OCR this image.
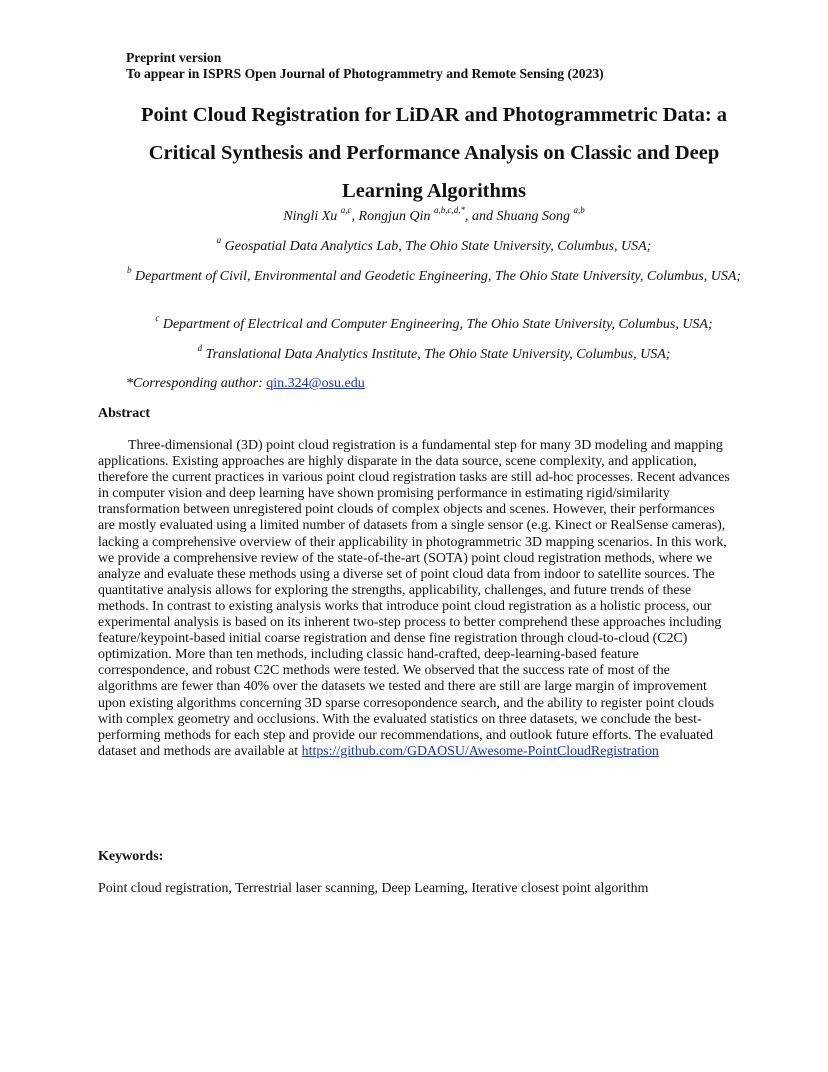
Preprint version
To appear in ISPRS Open Journal of Photogrammetry and Remote Sensing (2023)
Point Cloud Registration for LiDAR and Photogrammetric Data: a
Critical Synthesis and Performance Analysis on Classic and Deep
Learning Algorithms
Ningli Xu $^{a,c}$, Rongjun Qin $^{a,b,c,d,*}$, and Shuang Song $^{a,b}$
$^a$ Geospatial Data Analytics Lab, The Ohio State University, Columbus, USA;
$^b$ Department of Civil, Environmental and Geodetic Engineering, The Ohio State University, Columbus, USA;
$^c$ Department of Electrical and Computer Engineering, The Ohio State University, Columbus, USA;
$^d$ Translational Data Analytics Institute, The Ohio State University, Columbus, USA;
*Corresponding author: qin.324@osu.edu
Abstract

Three-dimensional (3D) point cloud registration is a fundamental step for many 3D modeling and mapping applications. Existing approaches are highly disparate in the data source, scene complexity, and application, therefore the current practices in various point cloud registration tasks are still ad-hoc processes. Recent advances in computer vision and deep learning have shown promising performance in estimating rigid/similarity transformation between unregistered point clouds of complex objects and scenes. However, their performances are mostly evaluated using a limited number of datasets from a single sensor (e.g. Kinect or RealSense cameras), lacking a comprehensive overview of their applicability in photogrammetric 3D mapping scenarios. In this work, we provide a comprehensive review of the state-of-the-art (SOTA) point cloud registration methods, where we analyze and evaluate these methods using a diverse set of point cloud data from indoor to satellite sources. The quantitative analysis allows for exploring the strengths, applicability, challenges, and future trends of these methods. In contrast to existing analysis works that introduce point cloud registration as a holistic process, our experimental analysis is based on its inherent two-step process to better comprehend these approaches including feature/keypoint-based initial coarse registration and dense fine registration through cloud-to-cloud (C2C) optimization. More than ten methods, including classic hand-crafted, deep-learning-based feature correspondence, and robust C2C methods were tested. We observed that the success rate of most of the algorithms are fewer than 40% over the datasets we tested and there are still are large margin of improvement upon existing algorithms concerning 3D sparse corresopondence search, and the ability to register point clouds with complex geometry and occlusions. With the evaluated statistics on three datasets, we conclude the best-performing methods for each step and provide our recommendations, and outlook future efforts. The evaluated dataset and methods are available at https://github.com/GDAOSU/Awesome-PointCloudRegistration

Keywords:
Point cloud registration, Terrestrial laser scanning, Deep Learning, Iterative closest point algorithm
